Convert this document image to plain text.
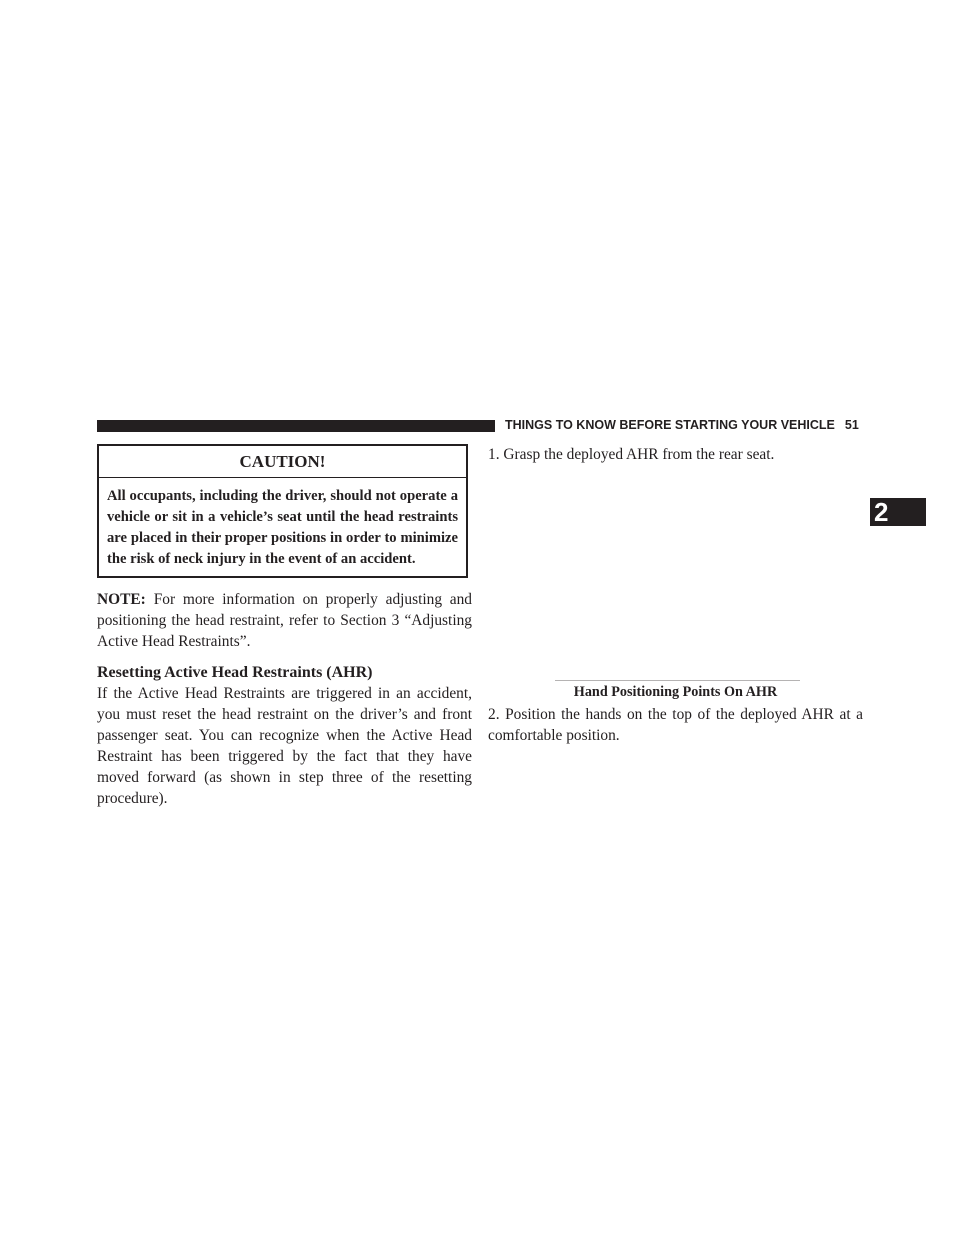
THINGS TO KNOW BEFORE STARTING YOUR VEHICLE 51
2
CAUTION!
All occupants, including the driver, should not operate a vehicle or sit in a vehicle’s seat until the head restraints are placed in their proper positions in order to minimize the risk of neck injury in the event of an accident.

NOTE: For more information on properly adjusting and positioning the head restraint, refer to Section 3 “Adjusting Active Head Restraints”.

Resetting Active Head Restraints (AHR)

If the Active Head Restraints are triggered in an accident, you must reset the head restraint on the driver’s and front passenger seat. You can recognize when the Active Head Restraint has been triggered by the fact that they have moved forward (as shown in step three of the resetting procedure).

1. Grasp the deployed AHR from the rear seat.

Hand Positioning Points On AHR

2. Position the hands on the top of the deployed AHR at a comfortable position.
